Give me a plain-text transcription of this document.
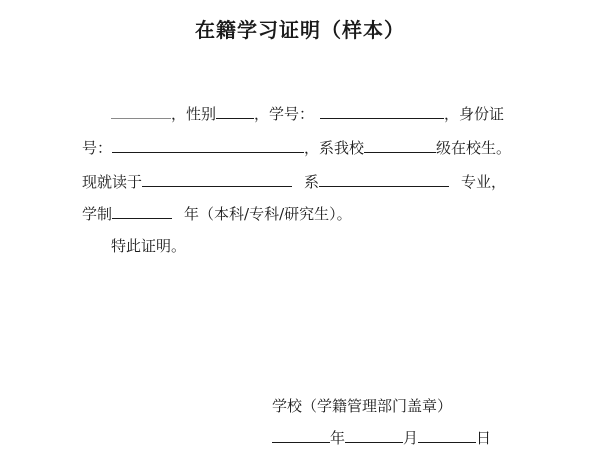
在籍学习证明（样本）
，性别	，学号：	，身份证
号：	，系我校	级在校生。
现就读于	系	专业，
学制	年（本科/专科/研究生）。
特此证明。
学校（学籍管理部门盖章）
年	月	日
